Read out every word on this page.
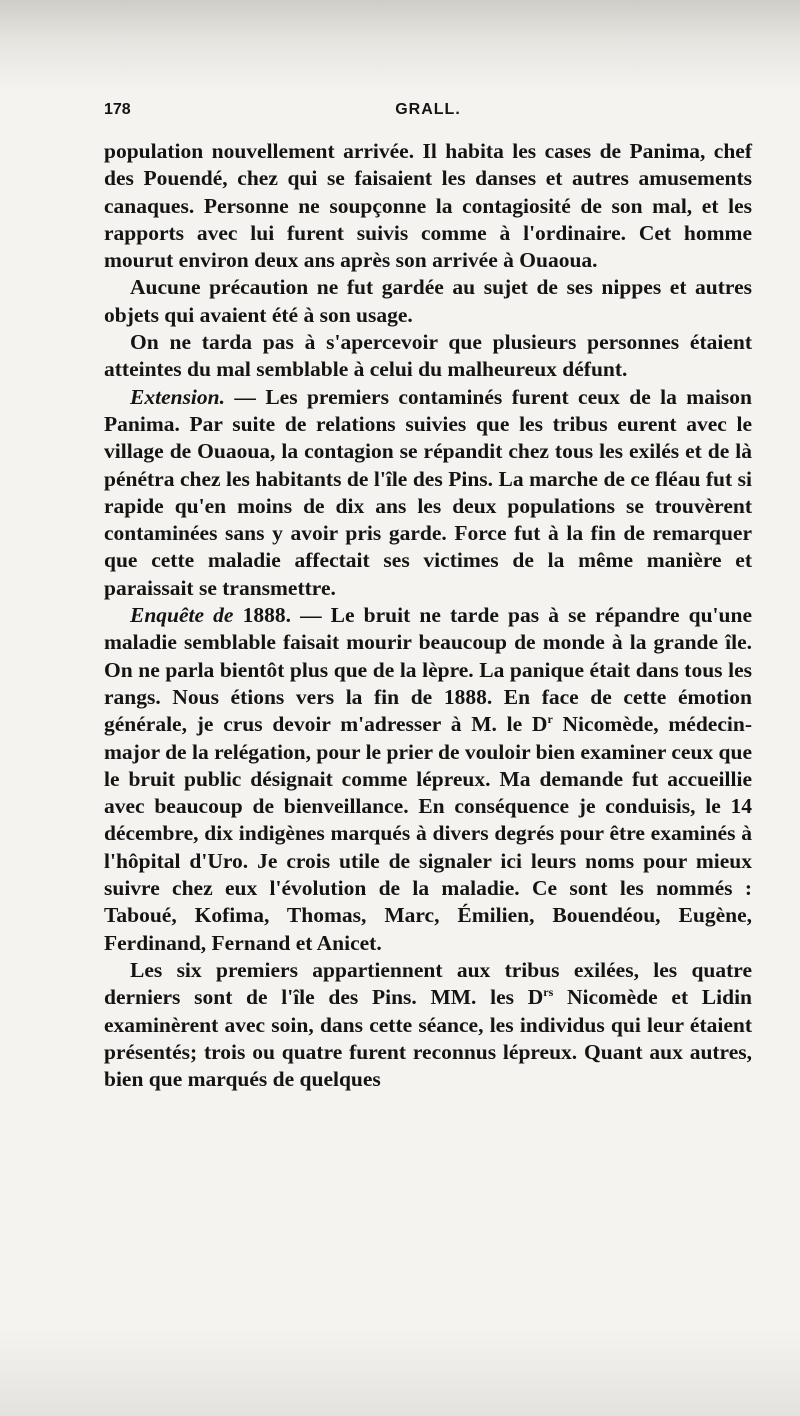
178	GRALL.

population nouvellement arrivée. Il habita les cases de Panima, chef des Pouendé, chez qui se faisaient les danses et autres amusements canaques. Personne ne soupçonne la contagiosité de son mal, et les rapports avec lui furent suivis comme à l'ordinaire. Cet homme mourut environ deux ans après son arrivée à Ouaoua.

Aucune précaution ne fut gardée au sujet de ses nippes et autres objets qui avaient été à son usage.

On ne tarda pas à s'apercevoir que plusieurs personnes étaient atteintes du mal semblable à celui du malheureux défunt.

Extension. — Les premiers contaminés furent ceux de la maison Panima. Par suite de relations suivies que les tribus eurent avec le village de Ouaoua, la contagion se répandit chez tous les exilés et de là pénétra chez les habitants de l'île des Pins. La marche de ce fléau fut si rapide qu'en moins de dix ans les deux populations se trouvèrent contaminées sans y avoir pris garde. Force fut à la fin de remarquer que cette maladie affectait ses victimes de la même manière et paraissait se transmettre.

Enquête de 1888. — Le bruit ne tarde pas à se répandre qu'une maladie semblable faisait mourir beaucoup de monde à la grande île. On ne parla bientôt plus que de la lèpre. La panique était dans tous les rangs. Nous étions vers la fin de 1888. En face de cette émotion générale, je crus devoir m'adresser à M. le $D^r$ Nicomède, médecin-major de la relégation, pour le prier de vouloir bien examiner ceux que le bruit public désignait comme lépreux. Ma demande fut accueillie avec beaucoup de bienveillance. En conséquence je conduisis, le 14 décembre, dix indigènes marqués à divers degrés pour être examinés à l'hôpital d'Uro. Je crois utile de signaler ici leurs noms pour mieux suivre chez eux l'évolution de la maladie. Ce sont les nommés : Taboué, Kofima, Thomas, Marc, Émilien, Bouendéou, Eugène, Ferdinand, Fernand et Anicet.

Les six premiers appartiennent aux tribus exilées, les quatre derniers sont de l'île des Pins. MM. les $D^{rs}$ Nicomède et Lidin examinèrent avec soin, dans cette séance, les individus qui leur étaient présentés; trois ou quatre furent reconnus lépreux. Quant aux autres, bien que marqués de quelques
